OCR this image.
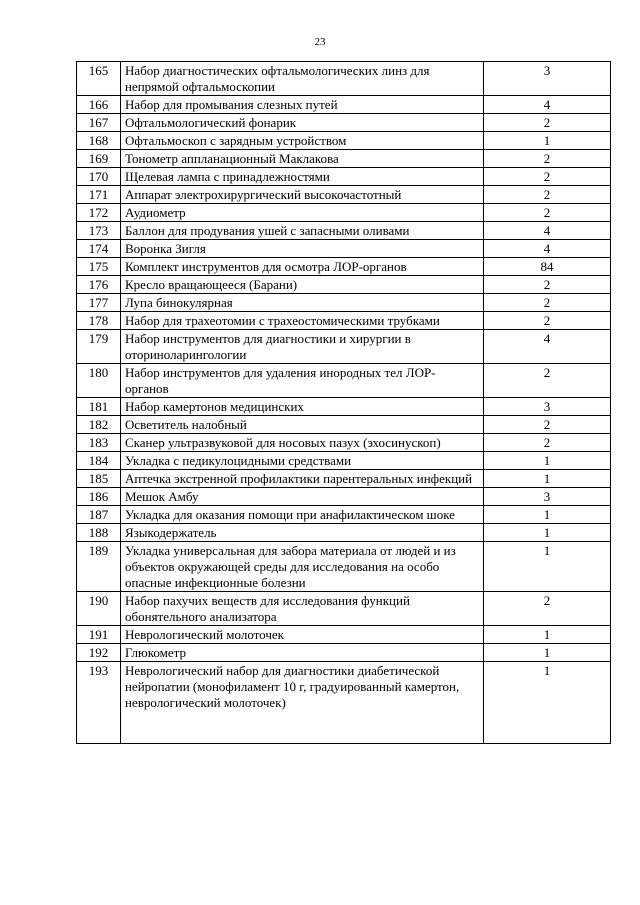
23
165	Набор диагностических офтальмологических линз для непрямой офтальмоскопии	3
166	Набор для промывания слезных путей	4
167	Офтальмологический фонарик	2
168	Офтальмоскоп с зарядным устройством	1
169	Тонометр аппланационный Маклакова	2
170	Щелевая лампа с принадлежностями	2
171	Аппарат электрохирургический высокочастотный	2
172	Аудиометр	2
173	Баллон для продувания ушей с запасными оливами	4
174	Воронка Зигля	4
175	Комплект инструментов для осмотра ЛОР-органов	84
176	Кресло вращающееся (Барани)	2
177	Лупа бинокулярная	2
178	Набор для трахеотомии с трахеостомическими трубками	2
179	Набор инструментов для диагностики и хирургии в оториноларингологии	4
180	Набор инструментов для удаления инородных тел ЛОР-органов	2
181	Набор камертонов медицинских	3
182	Осветитель налобный	2
183	Сканер ультразвуковой для носовых пазух (эхосинускоп)	2
184	Укладка с педикулоцидными средствами	1
185	Аптечка экстренной профилактики парентеральных инфекций	1
186	Мешок Амбу	3
187	Укладка для оказания помощи при анафилактическом шоке	1
188	Языкодержатель	1
189	Укладка универсальная для забора материала от людей и из объектов окружающей среды для исследования на особо опасные инфекционные болезни	1
190	Набор пахучих веществ для исследования функций обонятельного анализатора	2
191	Неврологический молоточек	1
192	Глюкометр	1
193	Неврологический набор для диагностики диабетической нейропатии (монофиламент 10 г, градуированный камертон, неврологический молоточек)	1
